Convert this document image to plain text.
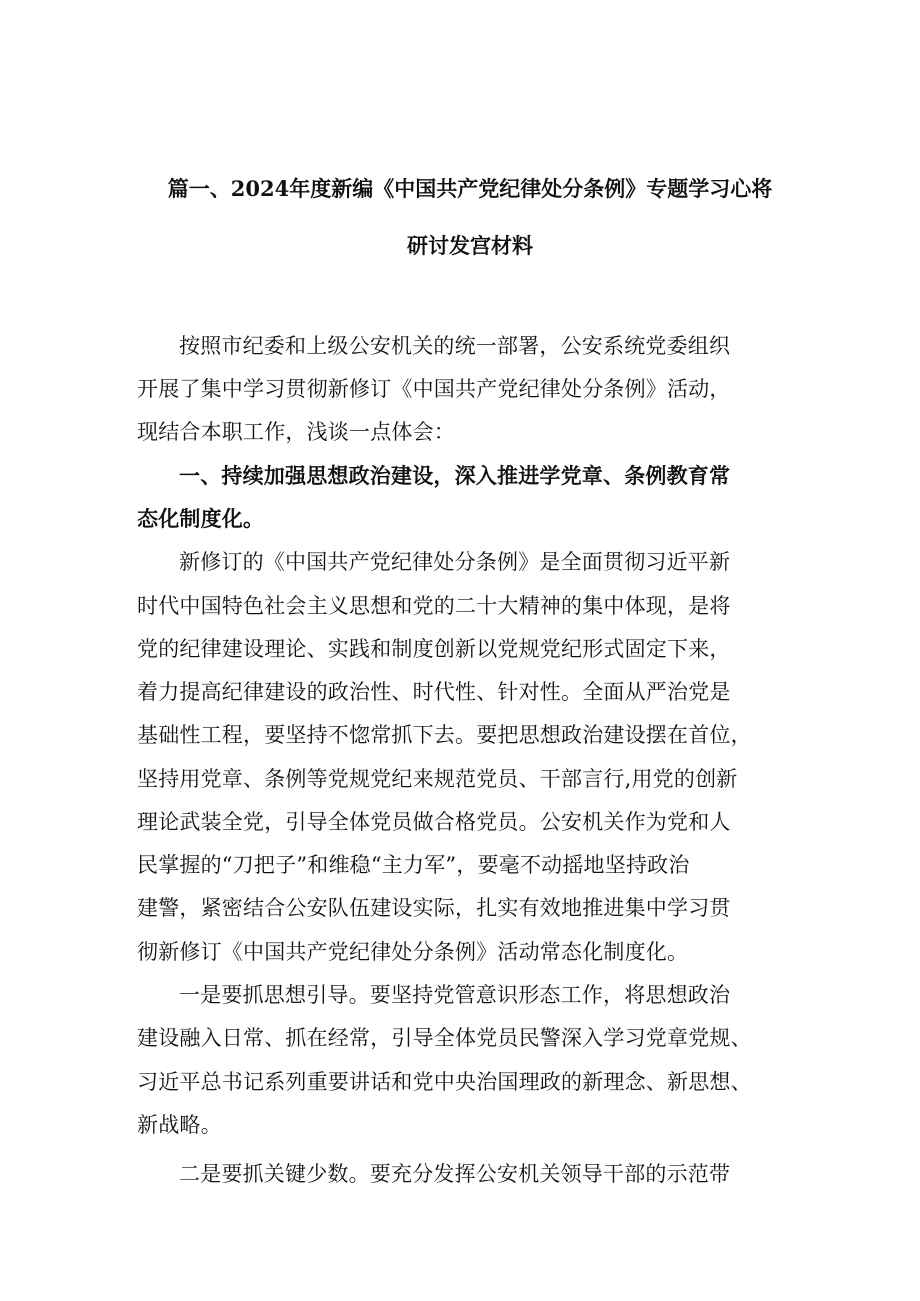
篇一、2024年度新编《中国共产党纪律处分条例》专题学习心将
研讨发宫材料
按照市纪委和上级公安机关的统一部署，公安系统党委组织
开展了集中学习贯彻新修订《中国共产党纪律处分条例》活动，
现结合本职工作，浅谈一点体会：
一、持续加强思想政治建设，深入推进学党章、条例教育常
态化制度化。
新修订的《中国共产党纪律处分条例》是全面贯彻习近平新
时代中国特色社会主义思想和党的二十大精神的集中体现，是将
党的纪律建设理论、实践和制度创新以党规党纪形式固定下来，
着力提高纪律建设的政治性、时代性、针对性。全面从严治党是
基础性工程，要坚持不惚常抓下去。要把思想政治建设摆在首位，
坚持用党章、条例等党规党纪来规范党员、干部言行,用党的创新
理论武装全党，引导全体党员做合格党员。公安机关作为党和人
民掌握的“刀把子”和维稳“主力军”，要毫不动摇地坚持政治
建警，紧密结合公安队伍建设实际，扎实有效地推进集中学习贯
彻新修订《中国共产党纪律处分条例》活动常态化制度化。
一是要抓思想引导。要坚持党管意识形态工作，将思想政治
建设融入日常、抓在经常，引导全体党员民警深入学习党章党规、
习近平总书记系列重要讲话和党中央治国理政的新理念、新思想、
新战略。
二是要抓关键少数。要充分发挥公安机关领导干部的示范带
